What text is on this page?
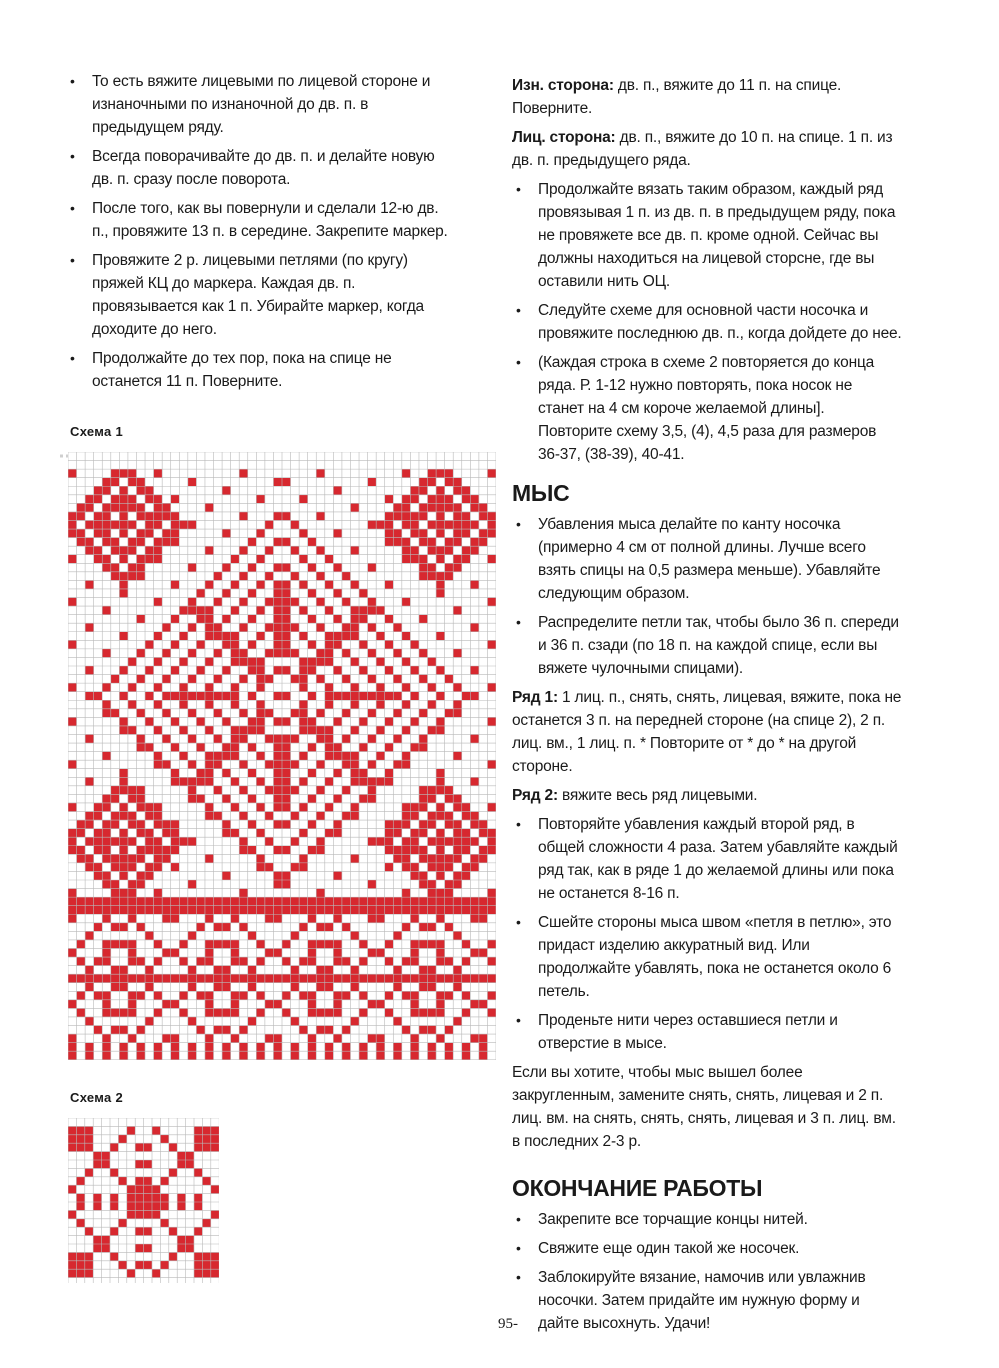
• То есть вяжите лицевыми по лицевой стороне и изнаночными по изнаночной до дв. п. в предыдущем ряду.
• Всегда поворачивайте до дв. п. и делайте новую дв. п. сразу после поворота.
• После того, как вы повернули и сделали 12-ю дв. п., провяжите 13 п. в середине. Закрепите маркер.
• Провяжите 2 р. лицевыми петлями (по кругу) пряжей КЦ до маркера. Каждая дв. п. провязывается как 1 п. Убирайте маркер, когда доходите до него.
• Продолжайте до тех пор, пока на спице не останется 11 п. Поверните.
Схема 1
Схема 2

Изн. сторона: дв. п., вяжите до 11 п. на спице. Поверните.

Лиц. сторона: дв. п., вяжите до 10 п. на спице. 1 п. из дв. п. предыдущего ряда.

• Продолжайте вязать таким образом, каждый ряд провязывая 1 п. из дв. п. в предыдущем ряду, пока не провяжете все дв. п. кроме одной. Сейчас вы должны находиться на лицевой сторсне, где вы оставили нить ОЦ.
• Следуйте схеме для основной части носочка и провяжите последнюю дв. п., когда дойдете до нее.
• (Каждая строка в схеме 2 повторяется до конца ряда. Р. 1-12 нужно повторять, пока носок не станет на 4 см короче желаемой длины]. Повторите схему 3,5, (4), 4,5 раза для размеров 36-37, (38-39), 40-41.
МЫС
• Убавления мыса делайте по канту носочка (примерно 4 см от полной длины. Лучше всего взять спицы на 0,5 размера меньше). Убавляйте следующим образом.
• Распределите петли так, чтобы было 36 п. спереди и 36 п. сзади (по 18 п. на каждой спице, если вы вяжете чулочными спицами).

Ряд 1: 1 лиц. п., снять, снять, лицевая, вяжите, пока не останется 3 п. на передней стороне (на спице 2), 2 п. лиц. вм., 1 лиц. п. * Повторите от * до * на другой стороне.

Ряд 2: вяжите весь ряд лицевыми.

• Повторяйте убавления каждый второй ряд, в общей сложности 4 раза. Затем убавляйте каждый ряд так, как в ряде 1 до желаемой длины или пока не останется 8-16 п.
• Сшейте стороны мыса швом «петля в петлю», это придаст изделию аккуратный вид. Или продолжайте убавлять, пока не останется около 6 петель.
• Проденьте нити через оставшиеся петли и отверстие в мысе.

Если вы хотите, чтобы мыс вышел более закругленным, замените снять, снять, лицевая и 2 п. лиц. вм. на снять, снять, снять, лицевая и 3 п. лиц. вм. в последних 2-3 р.

ОКОНЧАНИЕ РАБОТЫ
• Закрепите все торчащие концы нитей.
• Свяжите еще один такой же носочек.
• Заблокируйте вязание, намочив или увлажнив носочки. Затем придайте им нужную форму и дайте высохнуть. Удачи!
95-
